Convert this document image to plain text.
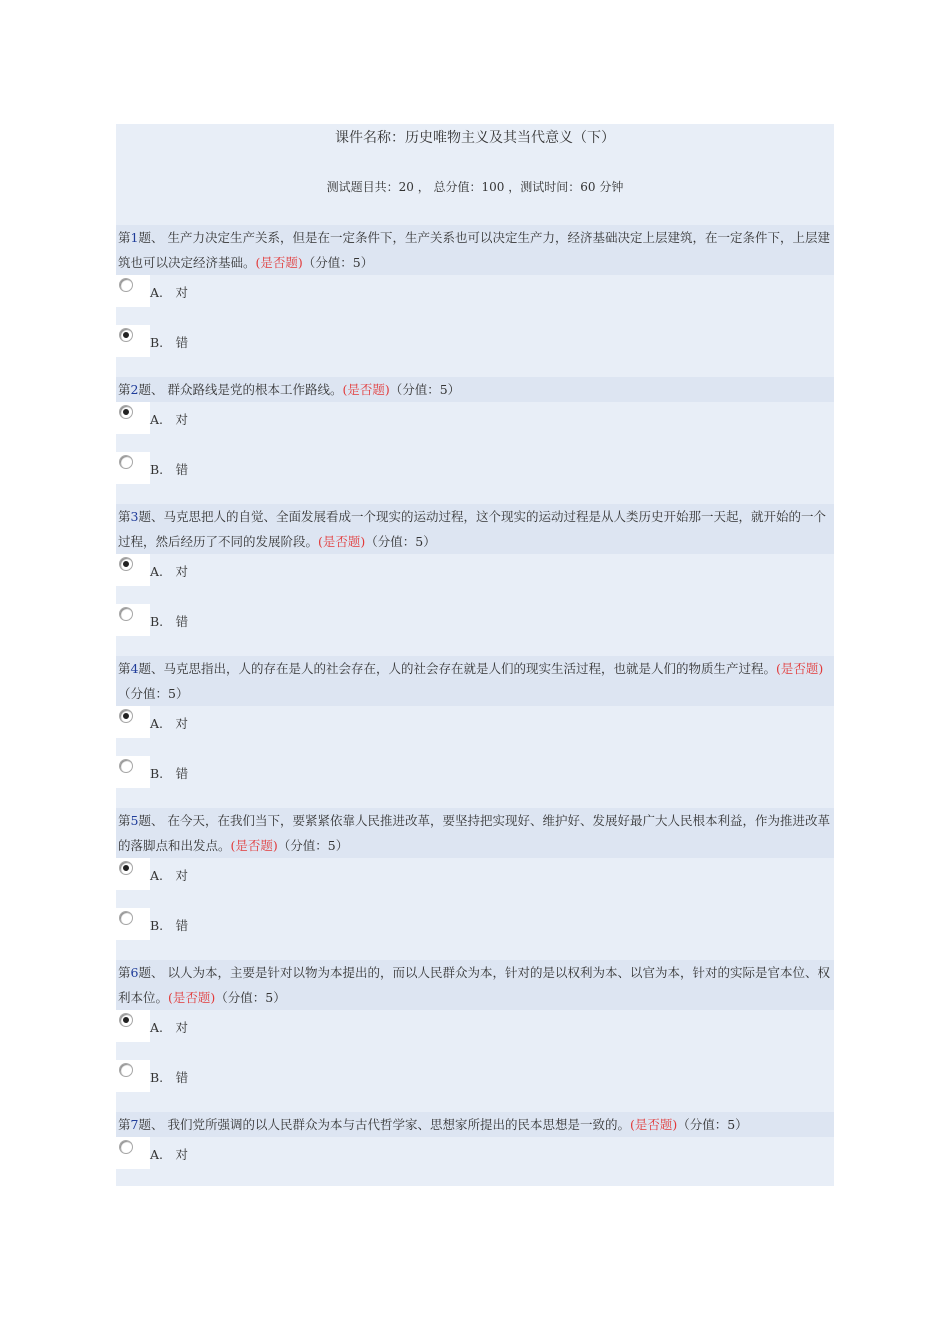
课件名称：历史唯物主义及其当代意义（下）
测试题目共：20 ， 总分值：100 ，测试时间：60 分钟
第1题、 生产力决定生产关系，但是在一定条件下，生产关系也可以决定生产力，经济基础决定上层建筑，在一定条件下，上层建筑也可以决定经济基础。(是否题)（分值：5）
A.　对
B.　错
第2题、 群众路线是党的根本工作路线。(是否题)（分值：5）
A.　对
B.　错
第3题、马克思把人的自觉、全面发展看成一个现实的运动过程，这个现实的运动过程是从人类历史开始那一天起，就开始的一个过程，然后经历了不同的发展阶段。(是否题)（分值：5）
A.　对
B.　错
第4题、马克思指出，人的存在是人的社会存在，人的社会存在就是人们的现实生活过程，也就是人们的物质生产过程。(是否题)（分值：5）
A.　对
B.　错
第5题、 在今天，在我们当下，要紧紧依靠人民推进改革，要坚持把实现好、维护好、发展好最广大人民根本利益，作为推进改革的落脚点和出发点。(是否题)（分值：5）
A.　对
B.　错
第6题、 以人为本，主要是针对以物为本提出的，而以人民群众为本，针对的是以权利为本、以官为本，针对的实际是官本位、权利本位。(是否题)（分值：5）
A.　对
B.　错
第7题、 我们党所强调的以人民群众为本与古代哲学家、思想家所提出的民本思想是一致的。(是否题)（分值：5）
A.　对
